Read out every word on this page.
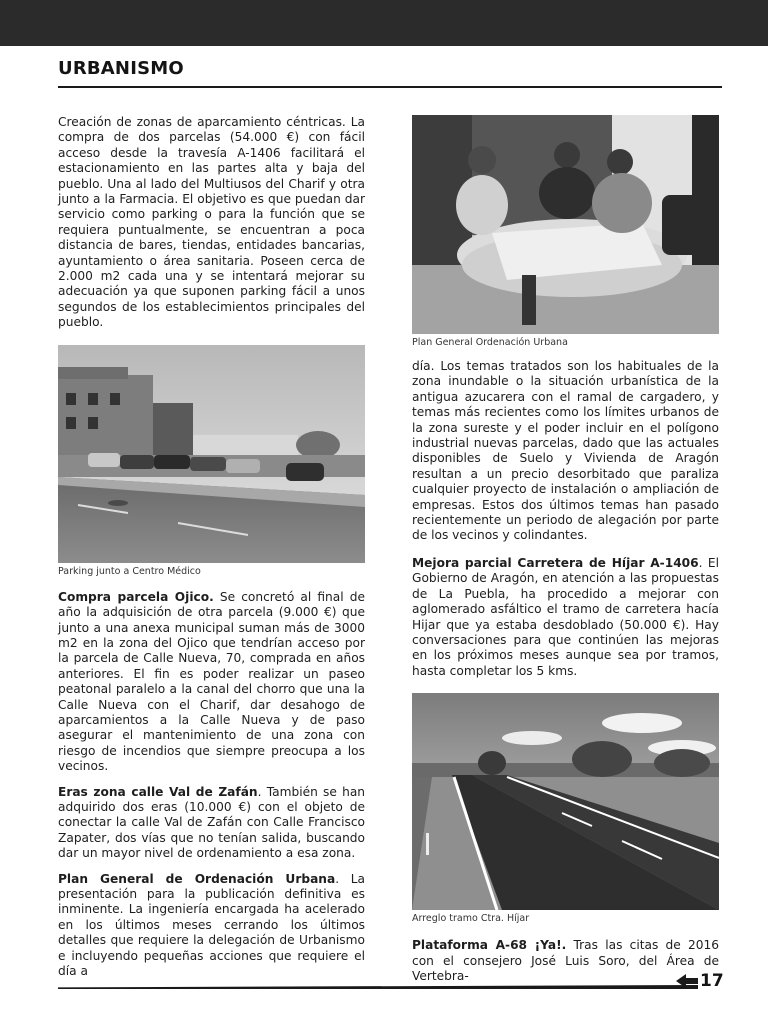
URBANISMO

Creación de zonas de aparcamiento céntricas. La compra de dos parcelas (54.000 €) con fácil acceso desde la travesía A-1406 facilitará el estacionamiento en las partes alta y baja del pueblo. Una al lado del Multiusos del Charif y otra junto a la Farmacia. El objetivo es que puedan dar servicio como parking o para la función que se requiera puntualmente, se encuentran a poca distancia de bares, tiendas, entidades bancarias, ayuntamiento o área sanitaria. Poseen cerca de 2.000 m2 cada una y se intentará mejorar su adecuación ya que suponen parking fácil a unos segundos de los establecimientos principales del pueblo.

Parking junto a Centro Médico

Compra parcela Ojico. Se concretó al final de año la adquisición de otra parcela (9.000 €) que junto a una anexa municipal suman más de 3000 m2 en la zona del Ojico que tendrían acceso por la parcela de Calle Nueva, 70, comprada en años anteriores. El fin es poder realizar un paseo peatonal paralelo a la canal del chorro que una la Calle Nueva con el Charif, dar desahogo de aparcamientos a la Calle Nueva y de paso asegurar el mantenimiento de una zona con riesgo de incendios que siempre preocupa a los vecinos.

Eras zona calle Val de Zafán. También se han adquirido dos eras (10.000 €) con el objeto de conectar la calle Val de Zafán con Calle Francisco Zapater, dos vías que no tenían salida, buscando dar un mayor nivel de ordenamiento a esa zona.

Plan General de Ordenación Urbana. La presentación para la publicación definitiva es inminente. La ingeniería encargada ha acelerado en los últimos meses cerrando los últimos detalles que requiere la delegación de Urbanismo e incluyendo pequeñas acciones que requiere el día a

Plan General Ordenación Urbana

día. Los temas tratados son los habituales de la zona inundable o la situación urbanística de la antigua azucarera con el ramal de cargadero, y temas más recientes como los límites urbanos de la zona sureste y el poder incluir en el polígono industrial nuevas parcelas, dado que las actuales disponibles de Suelo y Vivienda de Aragón resultan a un precio desorbitado que paraliza cualquier proyecto de instalación o ampliación de empresas. Estos dos últimos temas han pasado recientemente un periodo de alegación por parte de los vecinos y colindantes.

Mejora parcial Carretera de Híjar A-1406. El Gobierno de Aragón, en atención a las propuestas de La Puebla, ha procedido a mejorar con aglomerado asfáltico el tramo de carretera hacía Hijar que ya estaba desdoblado (50.000 €). Hay conversaciones para que continúen las mejoras en los próximos meses aunque sea por tramos, hasta completar los 5 kms.

Arreglo tramo Ctra. Híjar

Plataforma A-68 ¡Ya!. Tras las citas de 2016 con el consejero José Luis Soro, del Área de Vertebra-	17
